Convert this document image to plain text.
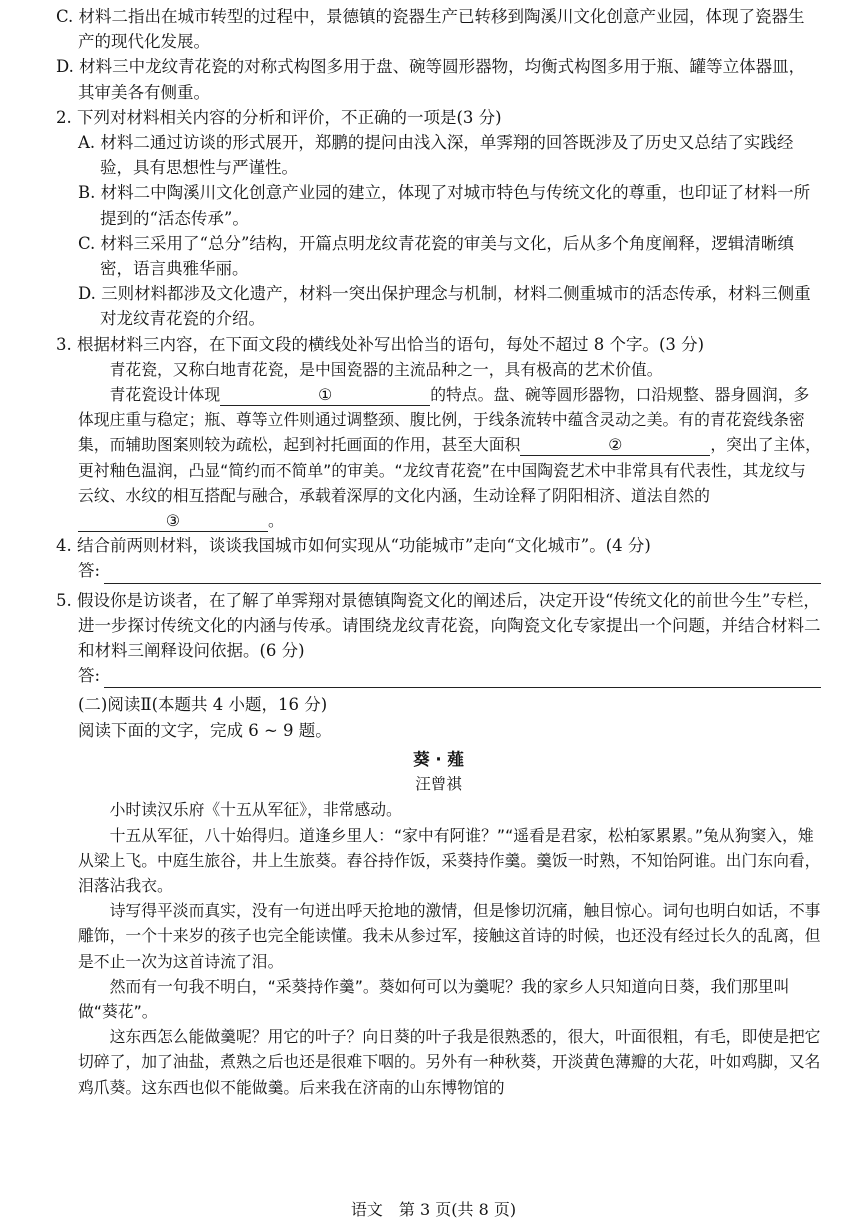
C. 材料二指出在城市转型的过程中，景德镇的瓷器生产已转移到陶溪川文化创意产业园，体现了瓷器生产的现代化发展。

D. 材料三中龙纹青花瓷的对称式构图多用于盘、碗等圆形器物，均衡式构图多用于瓶、罐等立体器皿，其审美各有侧重。

2. 下列对材料相关内容的分析和评价，不正确的一项是(3 分)

A. 材料二通过访谈的形式展开，郑鹏的提问由浅入深，单霁翔的回答既涉及了历史又总结了实践经验，具有思想性与严谨性。

B. 材料二中陶溪川文化创意产业园的建立，体现了对城市特色与传统文化的尊重，也印证了材料一所提到的“活态传承”。

C. 材料三采用了“总分”结构，开篇点明龙纹青花瓷的审美与文化，后从多个角度阐释，逻辑清晰缜密，语言典雅华丽。

D. 三则材料都涉及文化遗产，材料一突出保护理念与机制，材料二侧重城市的活态传承，材料三侧重对龙纹青花瓷的介绍。

3. 根据材料三内容，在下面文段的横线处补写出恰当的语句，每处不超过 8 个字。(3 分)

青花瓷，又称白地青花瓷，是中国瓷器的主流品种之一，具有极高的艺术价值。

青花瓷设计体现	①	的特点。盘、碗等圆形器物，口沿规整、器身圆润，多体现庄重与稳定；瓶、尊等立件则通过调整颈、腹比例，于线条流转中蕴含灵动之美。有的青花瓷线条密集，而辅助图案则较为疏松，起到衬托画面的作用，甚至大面积	②	，突出了主体，更衬釉色温润，凸显“简约而不简单”的审美。“龙纹青花瓷”在中国陶瓷艺术中非常具有代表性，其龙纹与云纹、水纹的相互搭配与融合，承载着深厚的文化内涵，生动诠释了阴阳相济、道法自然的③	。

4. 结合前两则材料，谈谈我国城市如何实现从“功能城市”走向“文化城市”。(4 分)

答:

5. 假设你是访谈者，在了解了单霁翔对景德镇陶瓷文化的阐述后，决定开设“传统文化的前世今生”专栏，进一步探讨传统文化的内涵与传承。请围绕龙纹青花瓷，向陶瓷文化专家提出一个问题，并结合材料二和材料三阐释设问依据。(6 分)

答:

(二)阅读Ⅱ(本题共 4 小题，16 分)

阅读下面的文字，完成 6 ~ 9 题。

葵 · 薤

汪曾祺

小时读汉乐府《十五从军征》，非常感动。

十五从军征，八十始得归。道逢乡里人：“家中有阿谁？”“遥看是君家，松柏冢累累。”兔从狗窦入，雉从梁上飞。中庭生旅谷，井上生旅葵。舂谷持作饭，采葵持作羹。羹饭一时熟，不知饴阿谁。出门东向看，泪落沾我衣。

诗写得平淡而真实，没有一句迸出呼天抢地的激情，但是惨切沉痛，触目惊心。词句也明白如话，不事雕饰，一个十来岁的孩子也完全能读懂。我未从参过军，接触这首诗的时候，也还没有经过长久的乱离，但是不止一次为这首诗流了泪。

然而有一句我不明白，“采葵持作羹”。葵如何可以为羹呢？我的家乡人只知道向日葵，我们那里叫做“葵花”。

这东西怎么能做羹呢？用它的叶子？向日葵的叶子我是很熟悉的，很大，叶面很粗，有毛，即使是把它切碎了，加了油盐，煮熟之后也还是很难下咽的。另外有一种秋葵，开淡黄色薄瓣的大花，叶如鸡脚，又名鸡爪葵。这东西也似不能做羹。后来我在济南的山东博物馆的

语文　第 3 页(共 8 页)
